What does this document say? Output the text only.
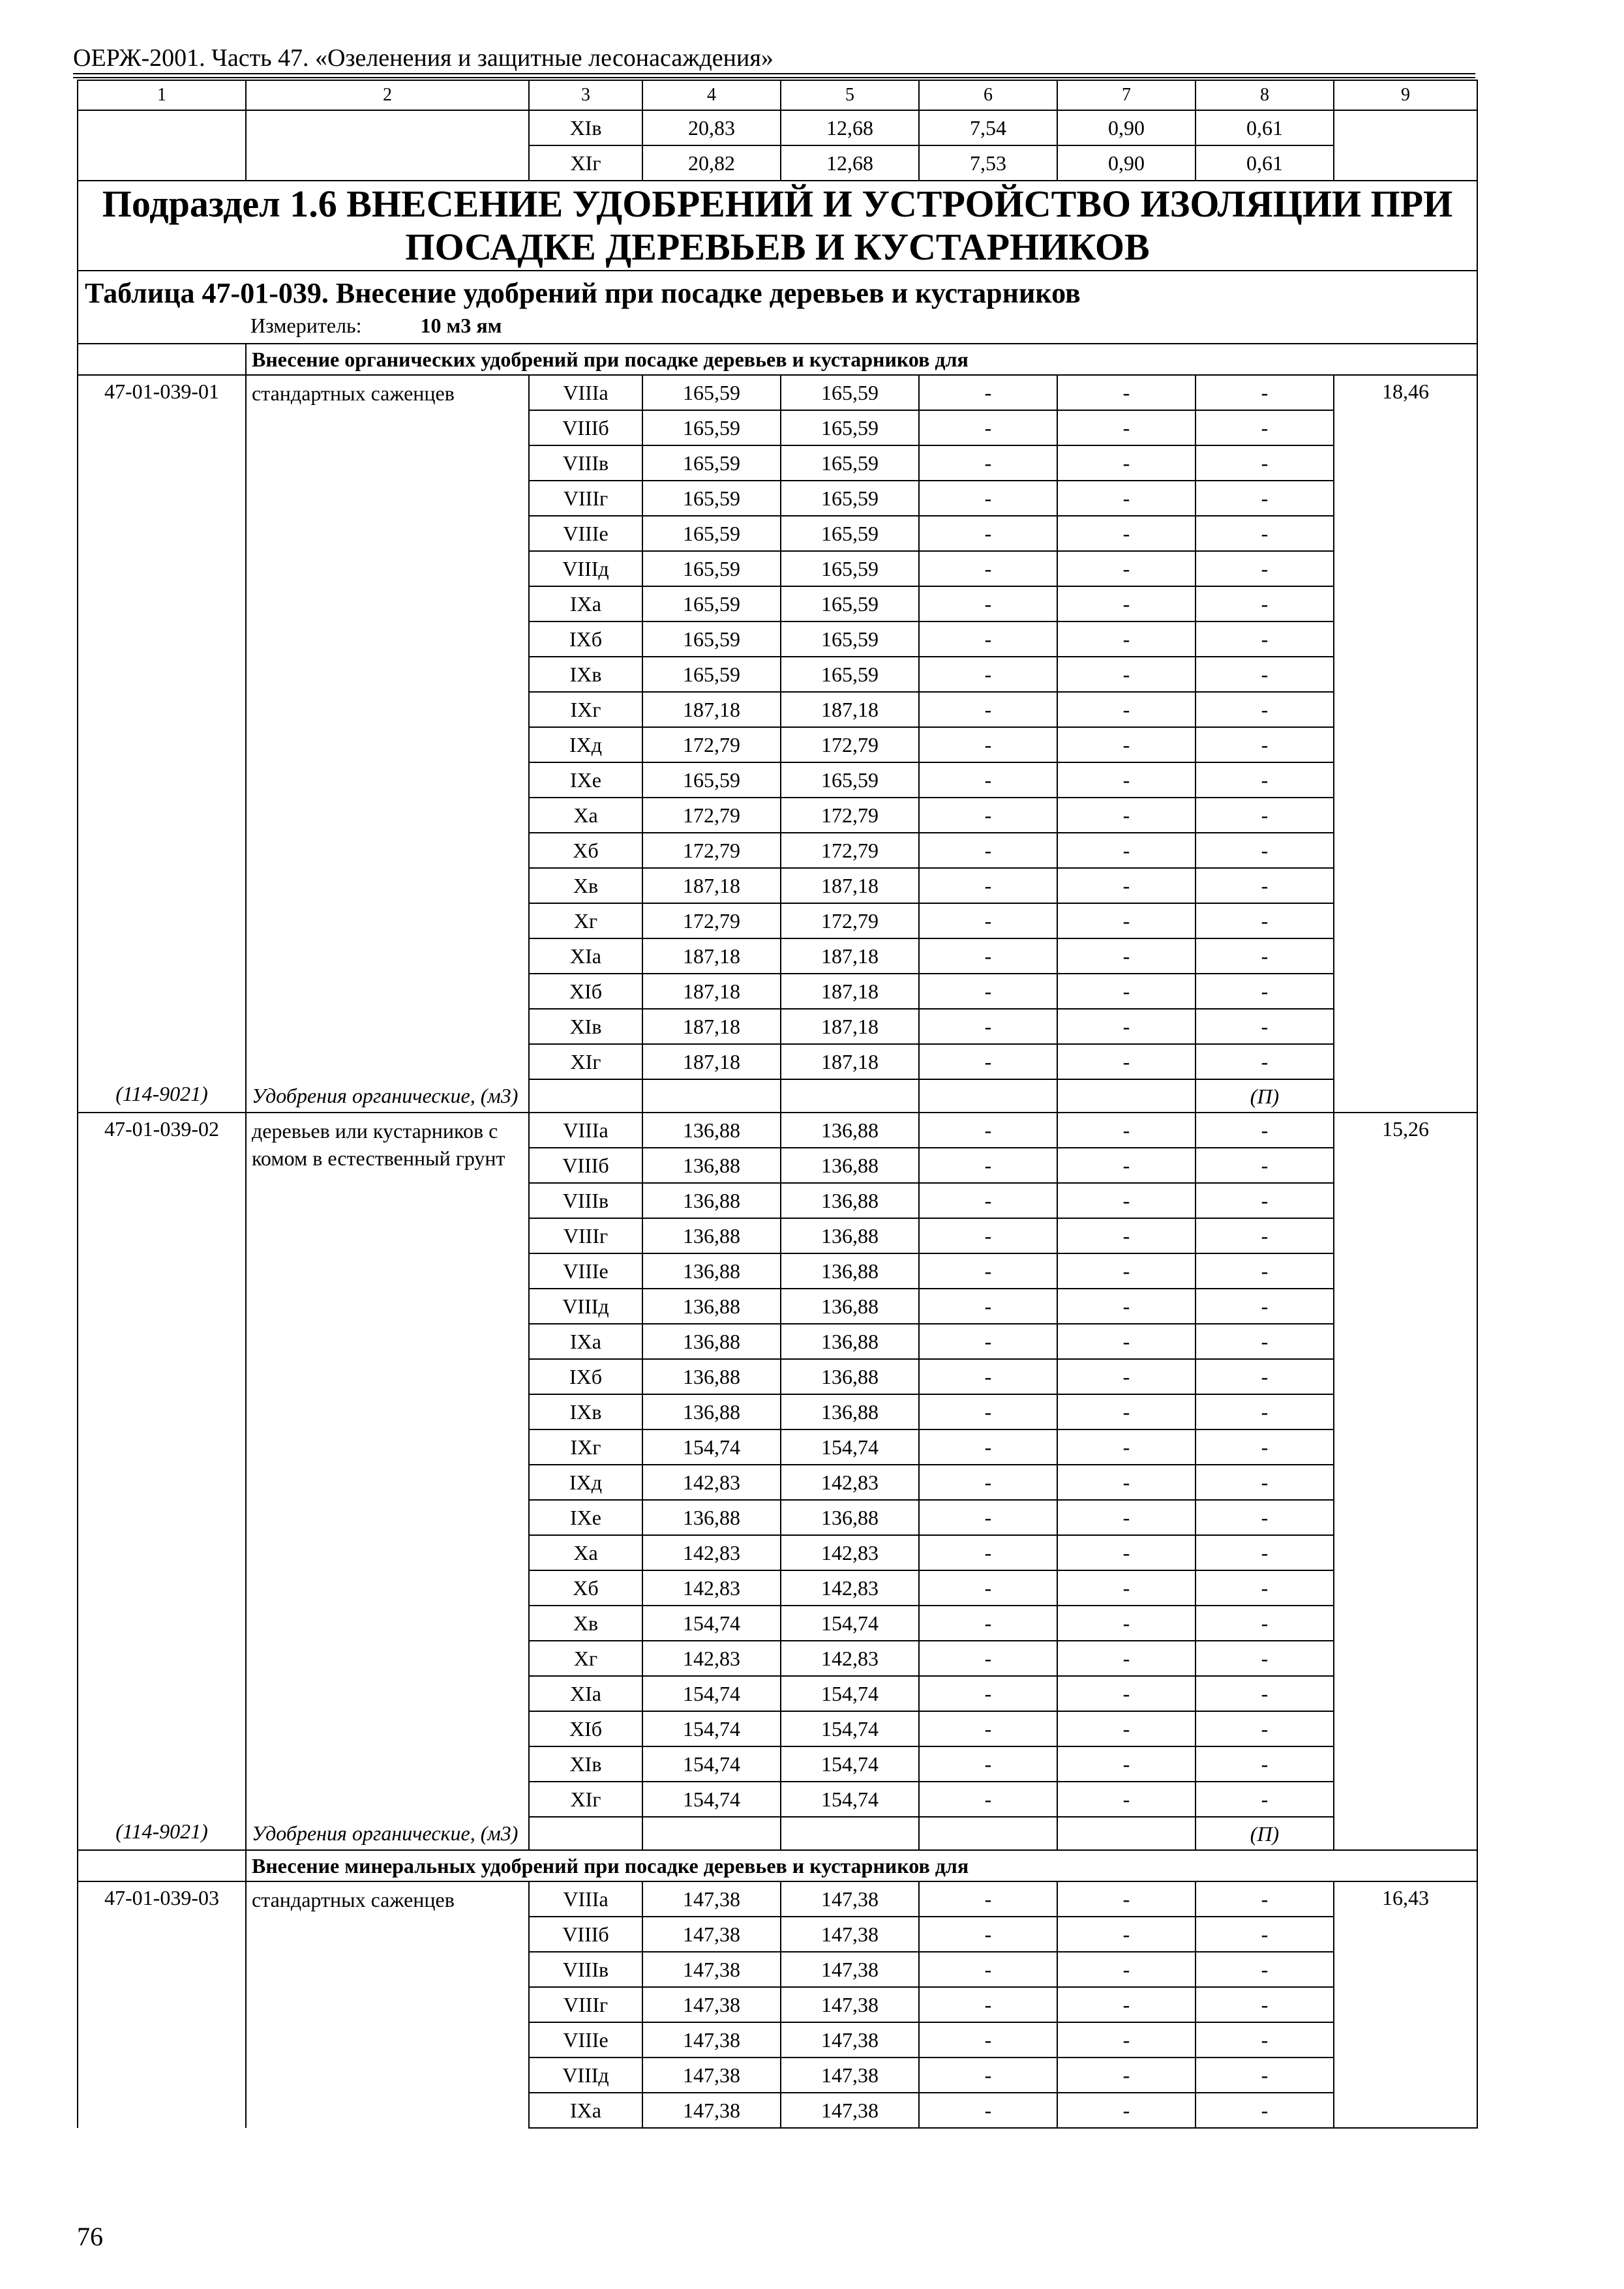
ОЕРЖ-2001. Часть 47. «Озеленения и защитные лесонасаждения»
1	2	3	4	5	6	7	8	9
		XIв	20,83	12,68	7,54	0,90	0,61	
		XIг	20,82	12,68	7,53	0,90	0,61	
Подраздел 1.6 ВНЕСЕНИЕ УДОБРЕНИЙ И УСТРОЙСТВО ИЗОЛЯЦИИ ПРИ ПОСАДКЕ ДЕРЕВЬЕВ И КУСТАРНИКОВ								

Таблица 47-01-039. Внесение удобрений при посадке деревьев и кустарников
Измеритель: 10 м3 ям								

	Внесение органических удобрений при посадке деревьев и кустарников для							
47-01-039-01	стандартных саженцев	VIIIа	165,59	165,59	-	-	-	18,46
		VIIIб	165,59	165,59	-	-	-	
		VIIIв	165,59	165,59	-	-	-	
		VIIIг	165,59	165,59	-	-	-	
		VIIIе	165,59	165,59	-	-	-	
		VIIIд	165,59	165,59	-	-	-	
		IXа	165,59	165,59	-	-	-	
		IXб	165,59	165,59	-	-	-	
		IXв	165,59	165,59	-	-	-	
		IXг	187,18	187,18	-	-	-	
		IXд	172,79	172,79	-	-	-	
		IXе	165,59	165,59	-	-	-	
		Xа	172,79	172,79	-	-	-	
		Xб	172,79	172,79	-	-	-	
		Xв	187,18	187,18	-	-	-	
		Xг	172,79	172,79	-	-	-	
		XIа	187,18	187,18	-	-	-	
		XIб	187,18	187,18	-	-	-	
		XIв	187,18	187,18	-	-	-	
		XIг	187,18	187,18	-	-	-	
(114-9021)	Удобрения органические, (м3)						(П)	
47-01-039-02	деревьев или кустарников с комом в естественный грунт	VIIIа	136,88	136,88	-	-	-	15,26
		VIIIб	136,88	136,88	-	-	-	
		VIIIв	136,88	136,88	-	-	-	
		VIIIг	136,88	136,88	-	-	-	
		VIIIе	136,88	136,88	-	-	-	
		VIIIд	136,88	136,88	-	-	-	
		IXа	136,88	136,88	-	-	-	
		IXб	136,88	136,88	-	-	-	
		IXв	136,88	136,88	-	-	-	
		IXг	154,74	154,74	-	-	-	
		IXд	142,83	142,83	-	-	-	
		IXе	136,88	136,88	-	-	-	
		Xа	142,83	142,83	-	-	-	
		Xб	142,83	142,83	-	-	-	
		Xв	154,74	154,74	-	-	-	
		Xг	142,83	142,83	-	-	-	
		XIа	154,74	154,74	-	-	-	
		XIб	154,74	154,74	-	-	-	
		XIв	154,74	154,74	-	-	-	
		XIг	154,74	154,74	-	-	-	
(114-9021)	Удобрения органические, (м3)						(П)	
	Внесение минеральных удобрений при посадке деревьев и кустарников для							
47-01-039-03	стандартных саженцев	VIIIа	147,38	147,38	-	-	-	16,43
		VIIIб	147,38	147,38	-	-	-	
		VIIIв	147,38	147,38	-	-	-	
		VIIIг	147,38	147,38	-	-	-	
		VIIIе	147,38	147,38	-	-	-	
		VIIIд	147,38	147,38	-	-	-	
		IXа	147,38	147,38	-	-	-	
76
